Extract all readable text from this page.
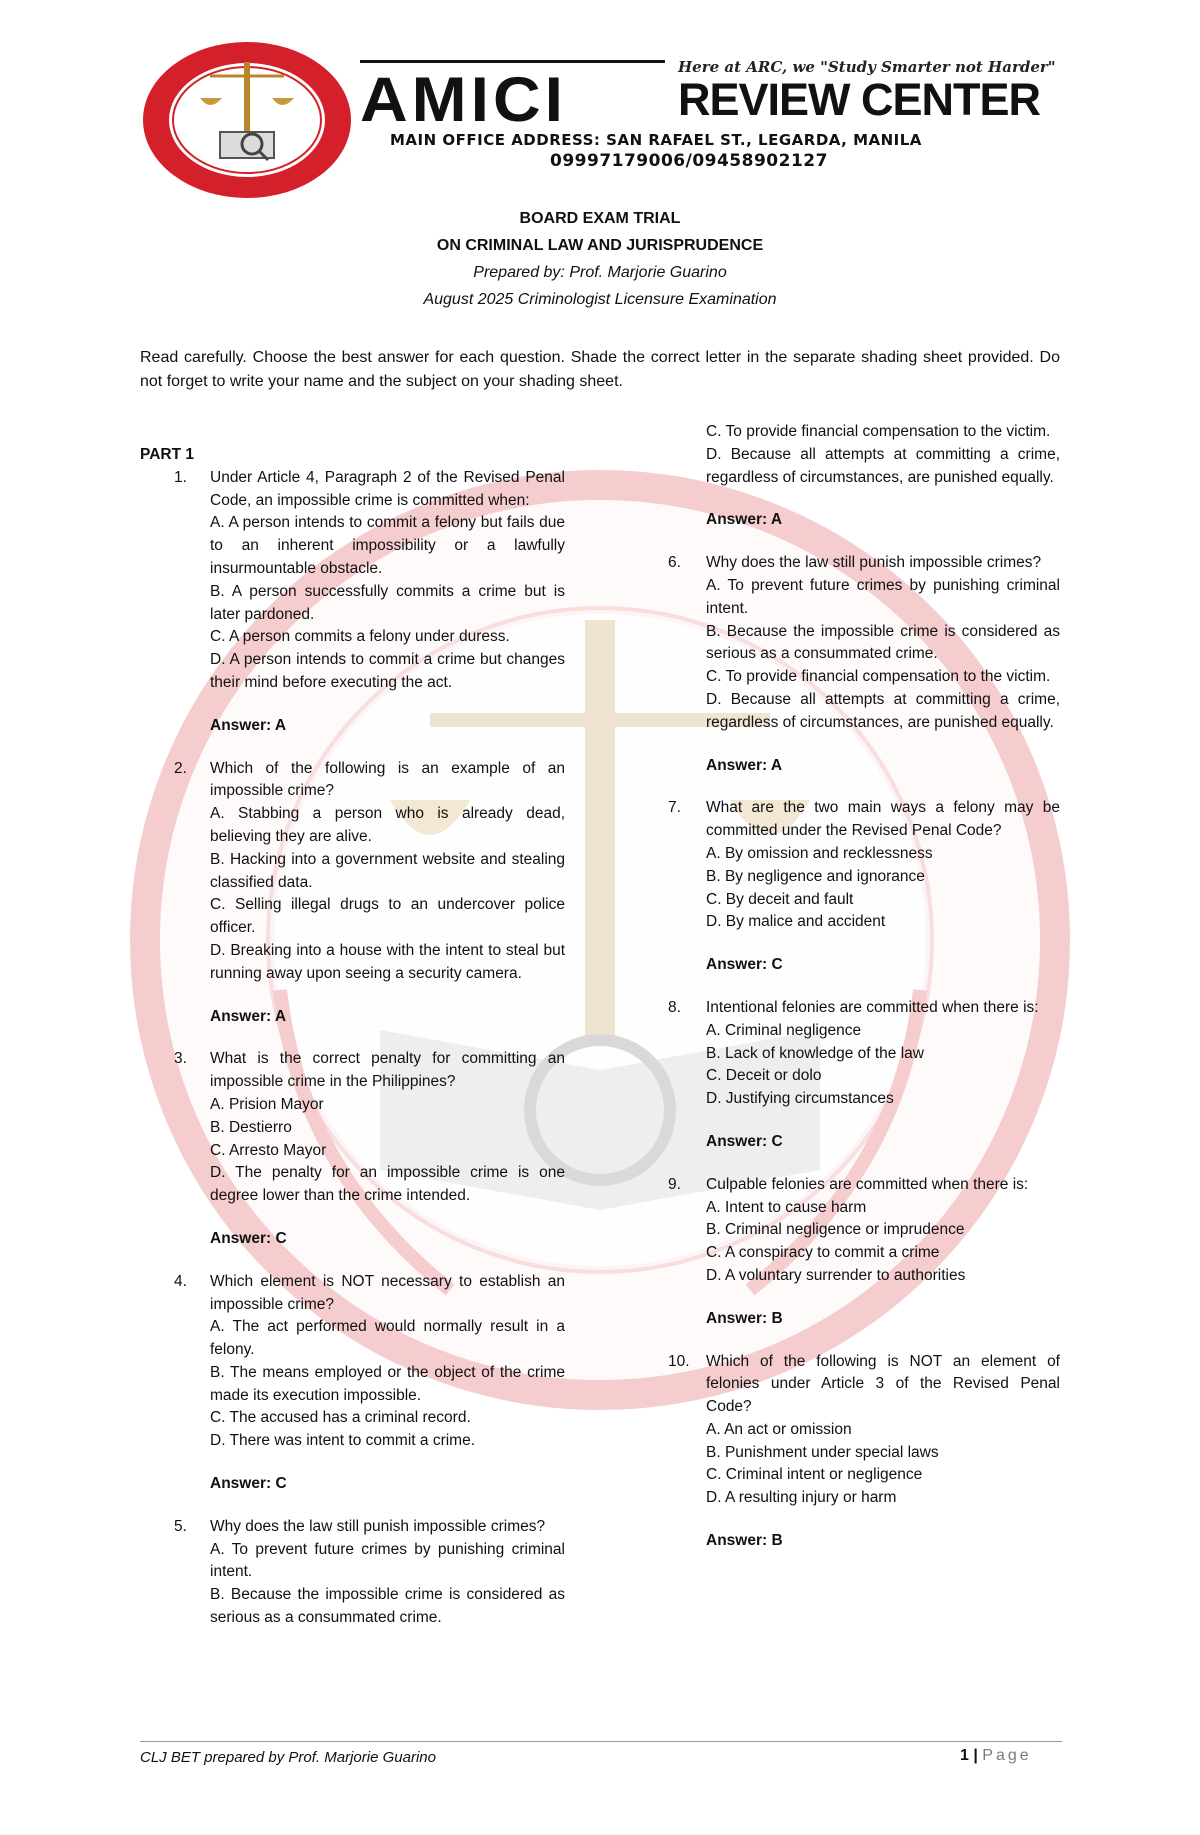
AMICI	Here at ARC, we "Study Smarter not Harder"
REVIEW CENTER
MAIN OFFICE ADDRESS: SAN RAFAEL ST., LEGARDA, MANILA
09997179006/09458902127
BOARD EXAM TRIAL
ON CRIMINAL LAW AND JURISPRUDENCE
Prepared by: Prof. Marjorie Guarino
August 2025 Criminologist Licensure Examination
Read carefully. Choose the best answer for each question. Shade the correct letter in the separate shading sheet provided. Do not forget to write your name and the subject on your shading sheet.
PART 1
1. Under Article 4, Paragraph 2 of the Revised Penal Code, an impossible crime is committed when:
A. A person intends to commit a felony but fails due to an inherent impossibility or a lawfully insurmountable obstacle.
B. A person successfully commits a crime but is later pardoned.
C. A person commits a felony under duress.
D. A person intends to commit a crime but changes their mind before executing the act.
Answer: A
2. Which of the following is an example of an impossible crime?
A. Stabbing a person who is already dead, believing they are alive.
B. Hacking into a government website and stealing classified data.
C. Selling illegal drugs to an undercover police officer.
D. Breaking into a house with the intent to steal but running away upon seeing a security camera.
Answer: A
3. What is the correct penalty for committing an impossible crime in the Philippines?
A. Prision Mayor
B. Destierro
C. Arresto Mayor
D. The penalty for an impossible crime is one degree lower than the crime intended.
Answer: C
4. Which element is NOT necessary to establish an impossible crime?
A. The act performed would normally result in a felony.
B. The means employed or the object of the crime made its execution impossible.
C. The accused has a criminal record.
D. There was intent to commit a crime.
Answer: C
5. Why does the law still punish impossible crimes?
A. To prevent future crimes by punishing criminal intent.
B. Because the impossible crime is considered as serious as a consummated crime.
C. To provide financial compensation to the victim.
D. Because all attempts at committing a crime, regardless of circumstances, are punished equally.
Answer: A
6. Why does the law still punish impossible crimes?
A. To prevent future crimes by punishing criminal intent.
B. Because the impossible crime is considered as serious as a consummated crime.
C. To provide financial compensation to the victim.
D. Because all attempts at committing a crime, regardless of circumstances, are punished equally.
Answer: A
7. What are the two main ways a felony may be committed under the Revised Penal Code?
A. By omission and recklessness
B. By negligence and ignorance
C. By deceit and fault
D. By malice and accident
Answer: C
8. Intentional felonies are committed when there is:
A. Criminal negligence
B. Lack of knowledge of the law
C. Deceit or dolo
D. Justifying circumstances
Answer: C
9. Culpable felonies are committed when there is:
A. Intent to cause harm
B. Criminal negligence or imprudence
C. A conspiracy to commit a crime
D. A voluntary surrender to authorities
Answer: B
10. Which of the following is NOT an element of felonies under Article 3 of the Revised Penal Code?
A. An act or omission
B. Punishment under special laws
C. Criminal intent or negligence
D. A resulting injury or harm
Answer: B
CLJ BET prepared by Prof. Marjorie Guarino	1 | Page
